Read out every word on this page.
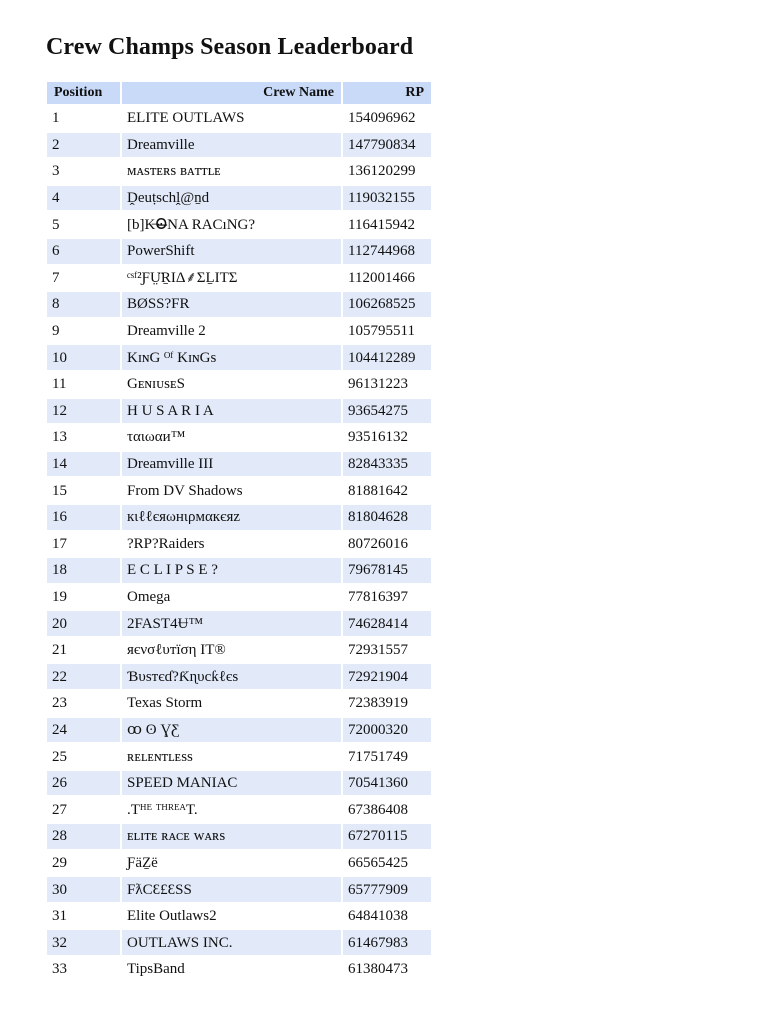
Crew Champs Season Leaderboard
Position	Crew Name	RP
1	ELITE OUTLAWS	154096962
2	Dreamville	147790834
3	ᴍᴀsᴛᴇʀs ʙᴀᴛᴛʟᴇ	136120299
4	Ḓeuṭschḽ@ṉd	119032155
5	[b]K̶Ꙩ̶NA RACıNG?	116415942
6	PowerShift	112744968
7	ᶜˢᶠ²ƑṲ̈ṞIΔ⸙ΣḺITΣ	112001466
8	BØSS?FR	106268525
9	Dreamville 2	105795511
10	KɪɴG ᴼᶠ KɪɴGs	104412289
11	GᴇɴɪᴜsᴇS	96131223
12	H U S A R I A	93654275
13	ταιωαи™	93516132
14	Dreamville III	82843335
15	From DV Shadows	81881642
16	кιℓℓєяωнιρмαкєяz	81804628
17	?RP?Raiders	80726016
18	E C L I P S E ?	79678145
19	Omega	77816397
20	2FAST4Ʉ™	74628414
21	яєνσℓυтїση IT®	72931557
22	Ɓυѕтєɗ?Ƙɳυcƙℓєѕ	72921904
23	Texas Storm	72383919
24	ꝏ ʘ ƔƸ	72000320
25	ʀᴇʟᴇɴᴛʟᴇss	71751749
26	SPEED MANIAC	70541360
27	.Tᴴᴱ ᵀᴴᴿᴱᴬT.	67386408
28	ᴇʟɪᴛᴇ ʀᴀᴄᴇ ᴡᴀʀs	67270115
29	ƑäẔë	66565425
30	FƛCƐ£ƐSS	65777909
31	Elite Outlaws2	64841038
32	OUTLAWS INC.	61467983
33	TipsBand	61380473
